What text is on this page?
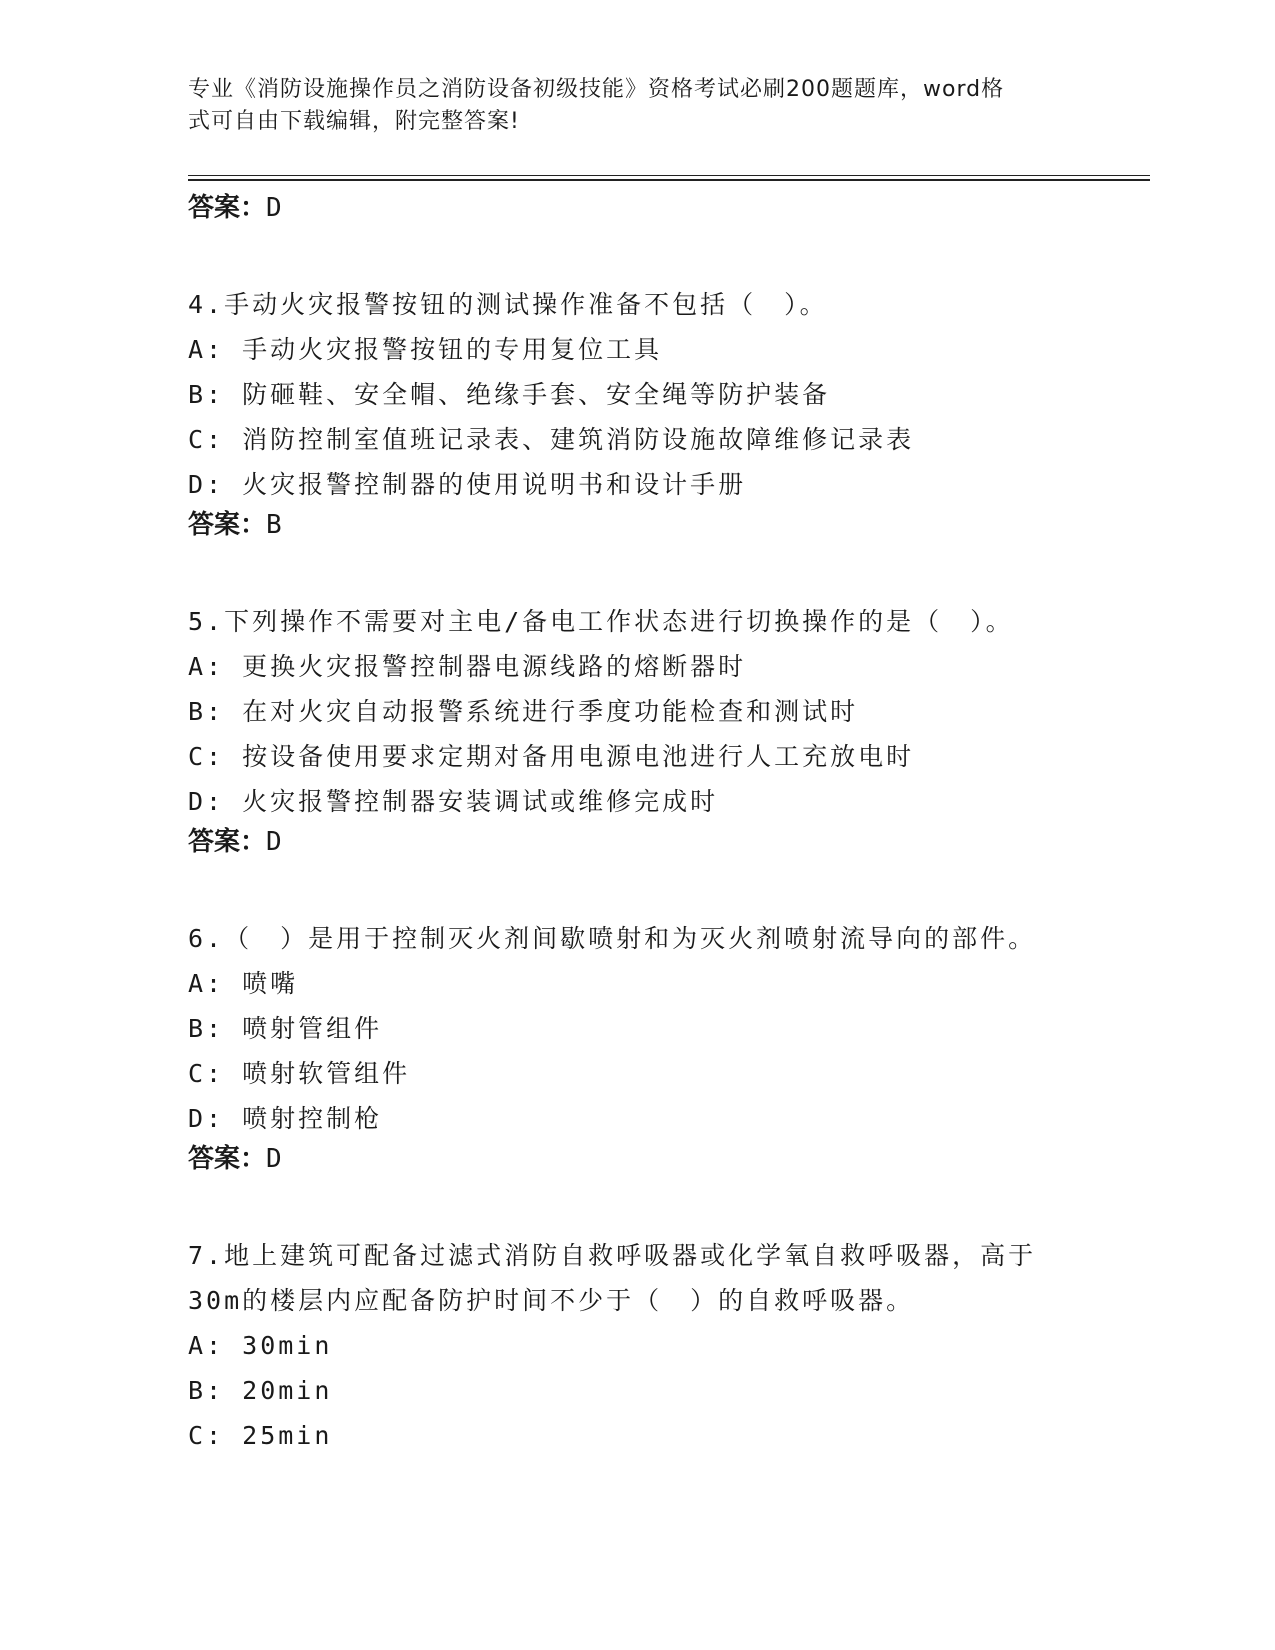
专业《消防设施操作员之消防设备初级技能》资格考试必刷200题题库，word格
式可自由下载编辑，附完整答案!

答案：D

4.手动火灾报警按钮的测试操作准备不包括（　）。

A: 手动火灾报警按钮的专用复位工具

B: 防砸鞋、安全帽、绝缘手套、安全绳等防护装备

C: 消防控制室值班记录表、建筑消防设施故障维修记录表

D: 火灾报警控制器的使用说明书和设计手册

答案：B

5.下列操作不需要对主电/备电工作状态进行切换操作的是（　）。

A: 更换火灾报警控制器电源线路的熔断器时

B: 在对火灾自动报警系统进行季度功能检查和测试时

C: 按设备使用要求定期对备用电源电池进行人工充放电时

D: 火灾报警控制器安装调试或维修完成时

答案：D

6.（　）是用于控制灭火剂间歇喷射和为灭火剂喷射流导向的部件。

A: 喷嘴

B: 喷射管组件

C: 喷射软管组件

D: 喷射控制枪

答案：D

7.地上建筑可配备过滤式消防自救呼吸器或化学氧自救呼吸器，高于

30m的楼层内应配备防护时间不少于（　）的自救呼吸器。

A: 30min

B: 20min

C: 25min
